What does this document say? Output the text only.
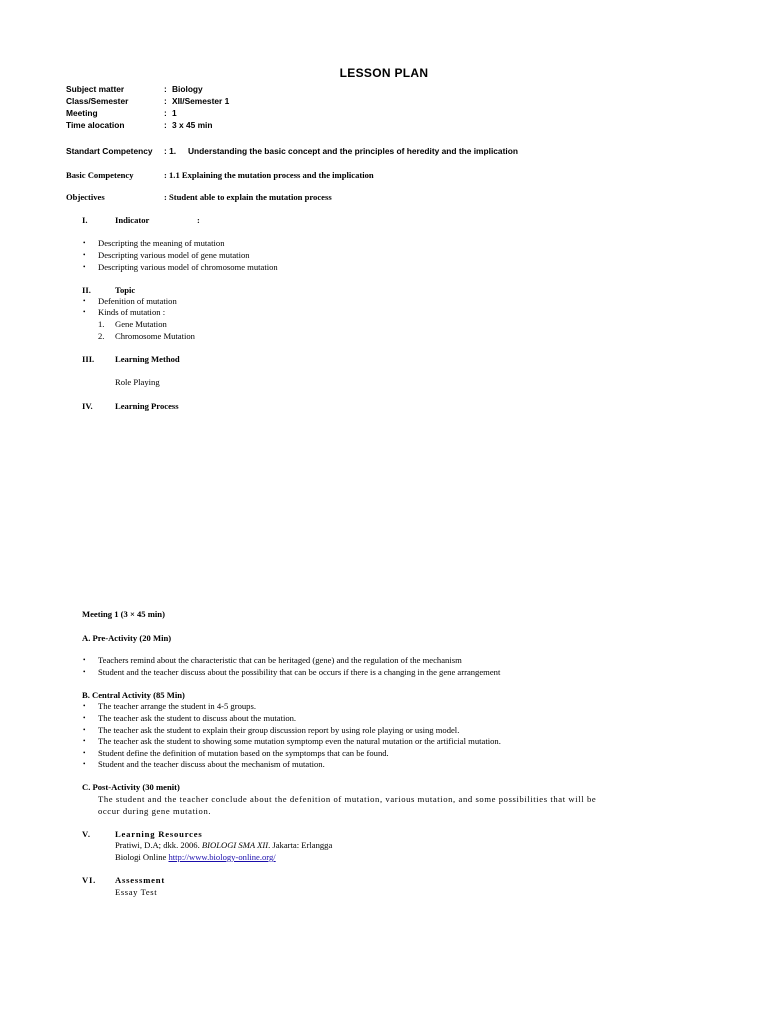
LESSON PLAN
Subject matter	: Biology
Class/Semester	: XII/Semester 1
Meeting	: 1
Time alocation	: 3 x 45 min
Standart Competency : 1. Understanding the basic concept and the principles of heredity and the implication
Basic Competency	: 1.1 Explaining the mutation process and the implication
Objectives	: Student able to explain the mutation process
I.	Indicator	:
• Descripting the meaning of mutation
• Descripting various model of gene mutation
• Descripting various model of chromosome mutation
II.	Topic
• Defenition of mutation
• Kinds of mutation :
1. Gene Mutation
2. Chromosome Mutation
III. Learning Method
Role Playing
IV.	Learning Process
Meeting 1 (3 × 45 min)
A. Pre-Activity (20 Min)
• Teachers remind about the characteristic that can be heritaged (gene) and the regulation of the mechanism
• Student and the teacher discuss about the possibility that can be occurs if there is a changing in the gene arrangement
B. Central Activity (85 Min)
• The teacher arrange the student in 4-5 groups.
• The teacher ask the student to discuss about the mutation.
• The teacher ask the student to explain their group discussion report by using role playing or using model.
• The teacher ask the student to showing some mutation symptomp even the natural mutation or the artificial mutation.
• Student define the definition of mutation based on the symptomps that can be found.
• Student and the teacher discuss about the mechanism of mutation.
C. Post-Activity (30 menit)
The student and the teacher conclude about the defenition of mutation, various mutation, and some possibilities that will be
occur during gene mutation.
V.	Learning Resources
Pratiwi, D.A; dkk. 2006. BIOLOGI SMA XII. Jakarta: Erlangga
Biologi Online http://www.biology-online.org/
VI. Assessment
Essay Test
